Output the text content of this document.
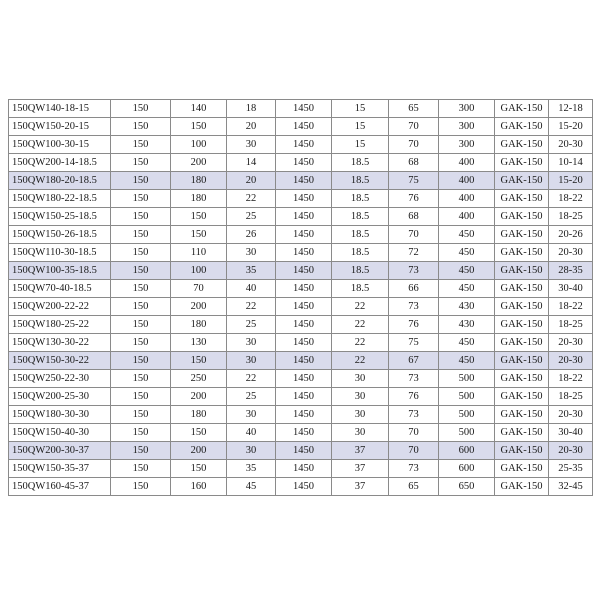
150QW140-18-15	150	140	18	1450	15	65	300	GAK-150	12-18
150QW150-20-15	150	150	20	1450	15	70	300	GAK-150	15-20
150QW100-30-15	150	100	30	1450	15	70	300	GAK-150	20-30
150QW200-14-18.5	150	200	14	1450	18.5	68	400	GAK-150	10-14
150QW180-20-18.5	150	180	20	1450	18.5	75	400	GAK-150	15-20
150QW180-22-18.5	150	180	22	1450	18.5	76	400	GAK-150	18-22
150QW150-25-18.5	150	150	25	1450	18.5	68	400	GAK-150	18-25
150QW150-26-18.5	150	150	26	1450	18.5	70	450	GAK-150	20-26
150QW110-30-18.5	150	110	30	1450	18.5	72	450	GAK-150	20-30
150QW100-35-18.5	150	100	35	1450	18.5	73	450	GAK-150	28-35
150QW70-40-18.5	150	70	40	1450	18.5	66	450	GAK-150	30-40
150QW200-22-22	150	200	22	1450	22	73	430	GAK-150	18-22
150QW180-25-22	150	180	25	1450	22	76	430	GAK-150	18-25
150QW130-30-22	150	130	30	1450	22	75	450	GAK-150	20-30
150QW150-30-22	150	150	30	1450	22	67	450	GAK-150	20-30
150QW250-22-30	150	250	22	1450	30	73	500	GAK-150	18-22
150QW200-25-30	150	200	25	1450	30	76	500	GAK-150	18-25
150QW180-30-30	150	180	30	1450	30	73	500	GAK-150	20-30
150QW150-40-30	150	150	40	1450	30	70	500	GAK-150	30-40
150QW200-30-37	150	200	30	1450	37	70	600	GAK-150	20-30
150QW150-35-37	150	150	35	1450	37	73	600	GAK-150	25-35
150QW160-45-37	150	160	45	1450	37	65	650	GAK-150	32-45
